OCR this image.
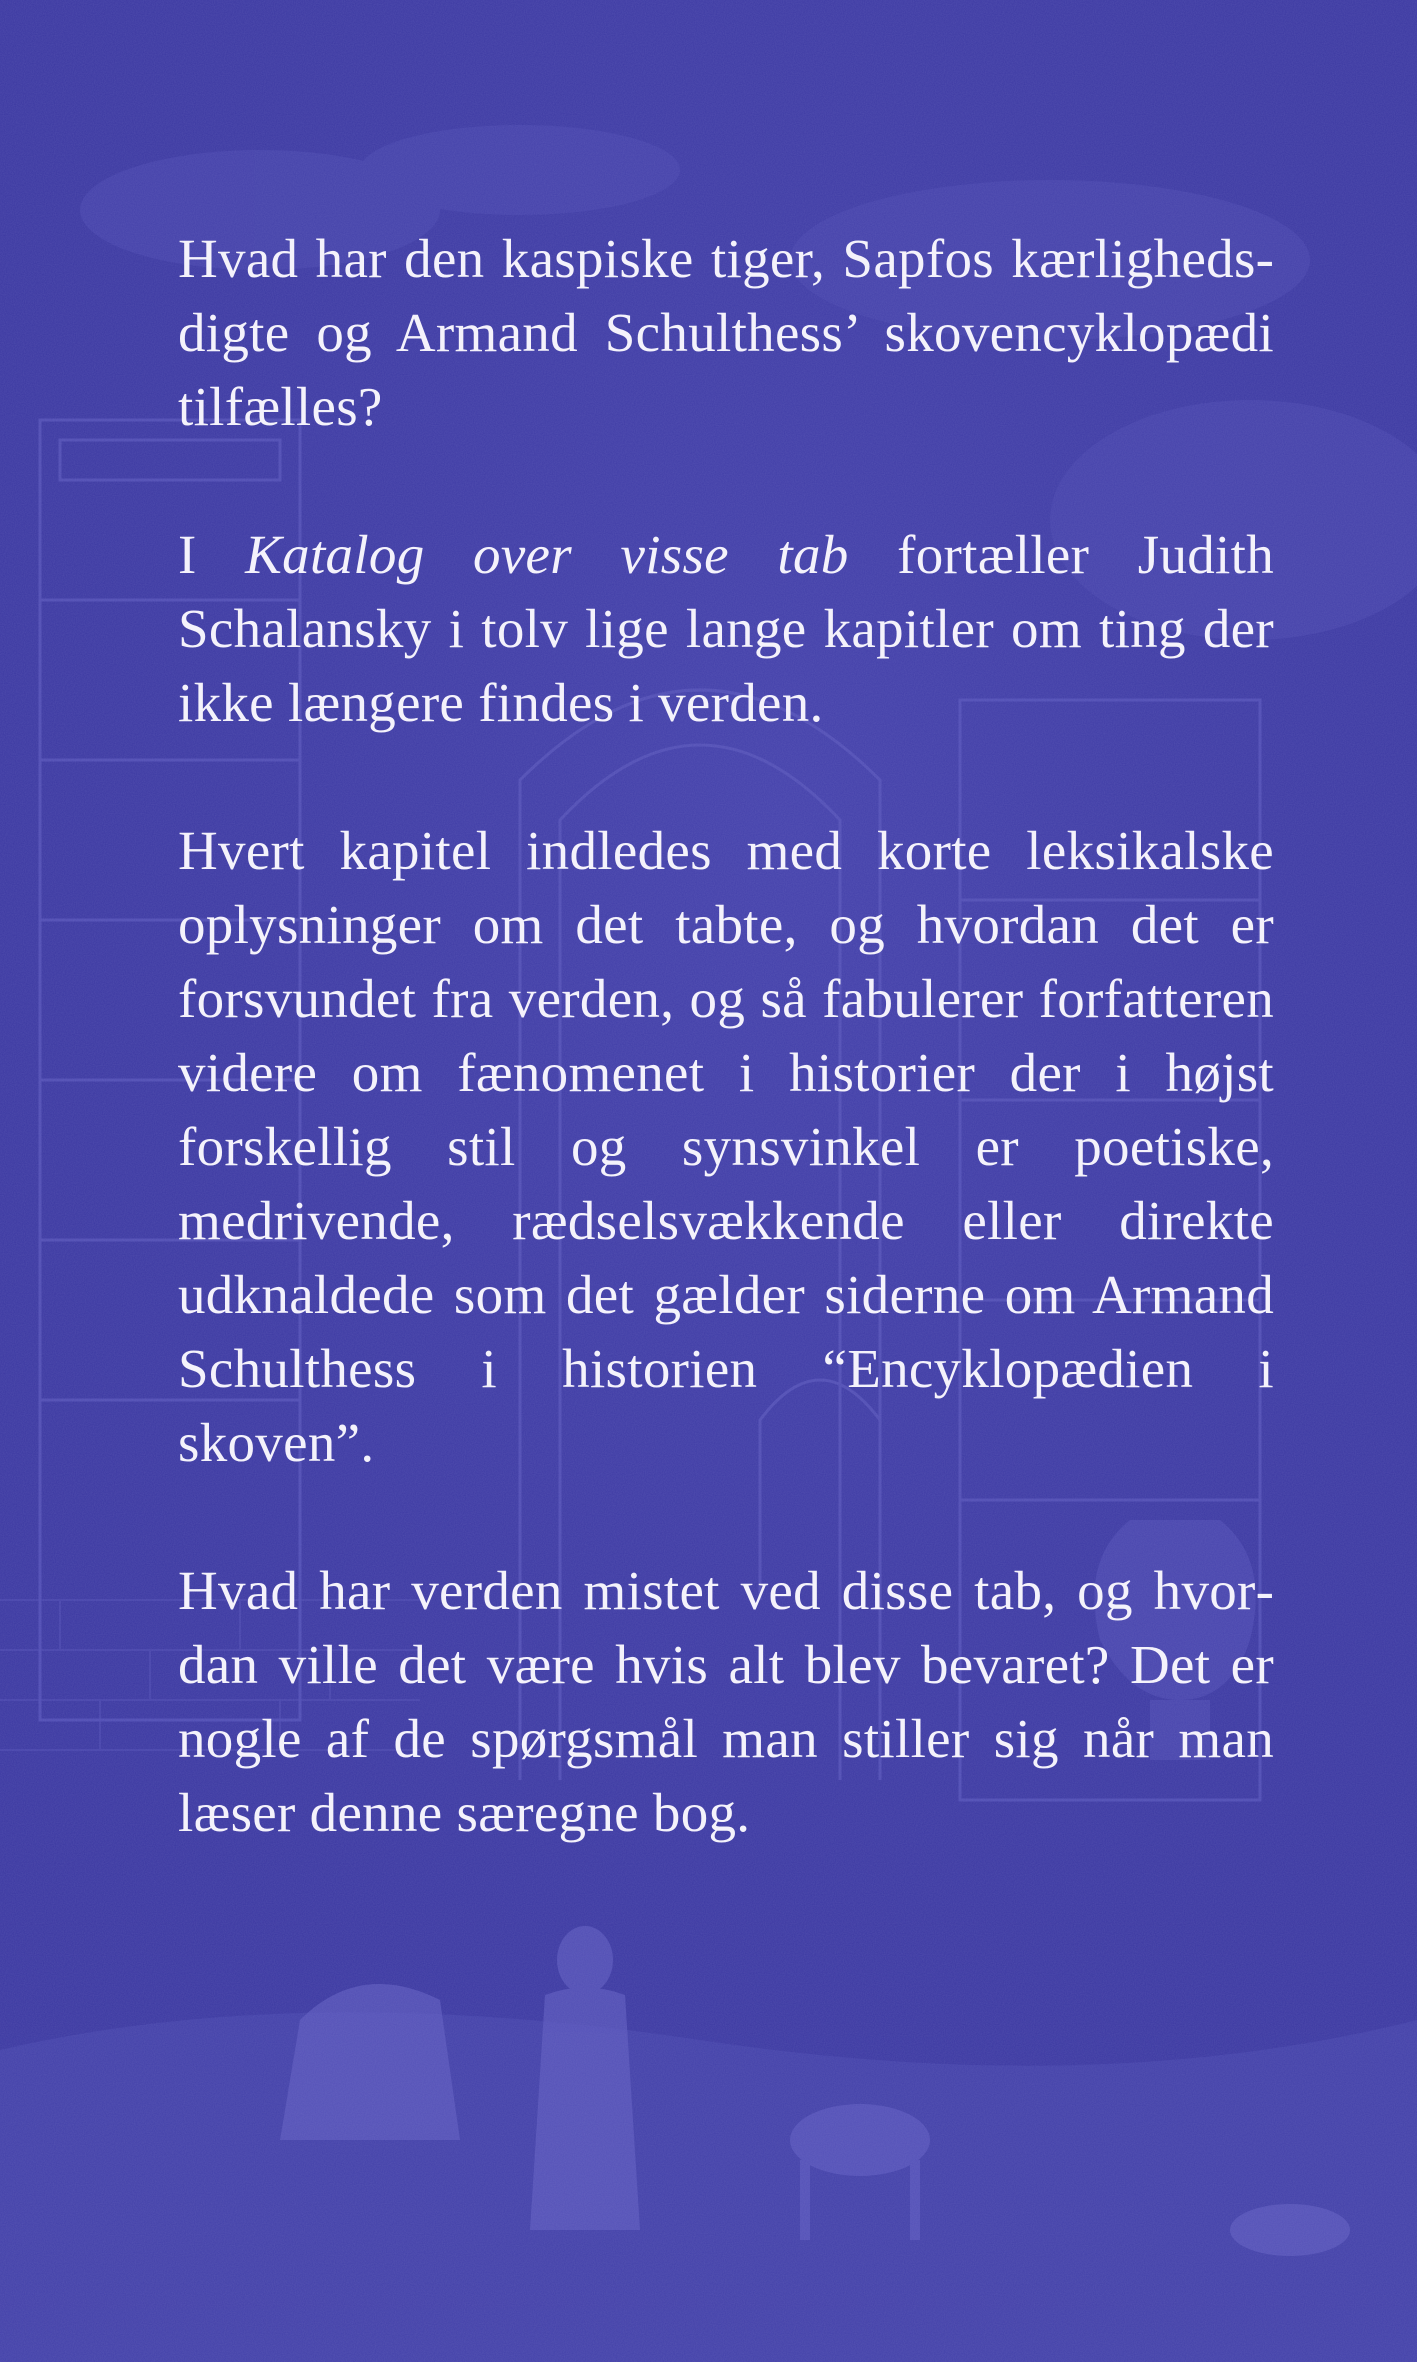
Hvad har den kaspiske tiger, Sapfos kærlighedsdigte og Armand Schulthess’ skovencyklopædi tilfælles?

I Katalog over visse tab fortæller Judith Schalansky i tolv lige lange kapitler om ting der ikke længere findes i verden.

Hvert kapitel indledes med korte leksikalske oplysninger om det tabte, og hvordan det er forsvundet fra verden, og så fabulerer forfatteren videre om fænomenet i historier der i højst forskellig stil og synsvinkel er poetiske, medrivende, rædselsvækkende eller direkte udknaldede som det gælder siderne om Armand Schulthess i historien “Encyklopædien i skoven”.

Hvad har verden mistet ved disse tab, og hvordan ville det være hvis alt blev bevaret? Det er nogle af de spørgsmål man stiller sig når man læser denne særegne bog.
